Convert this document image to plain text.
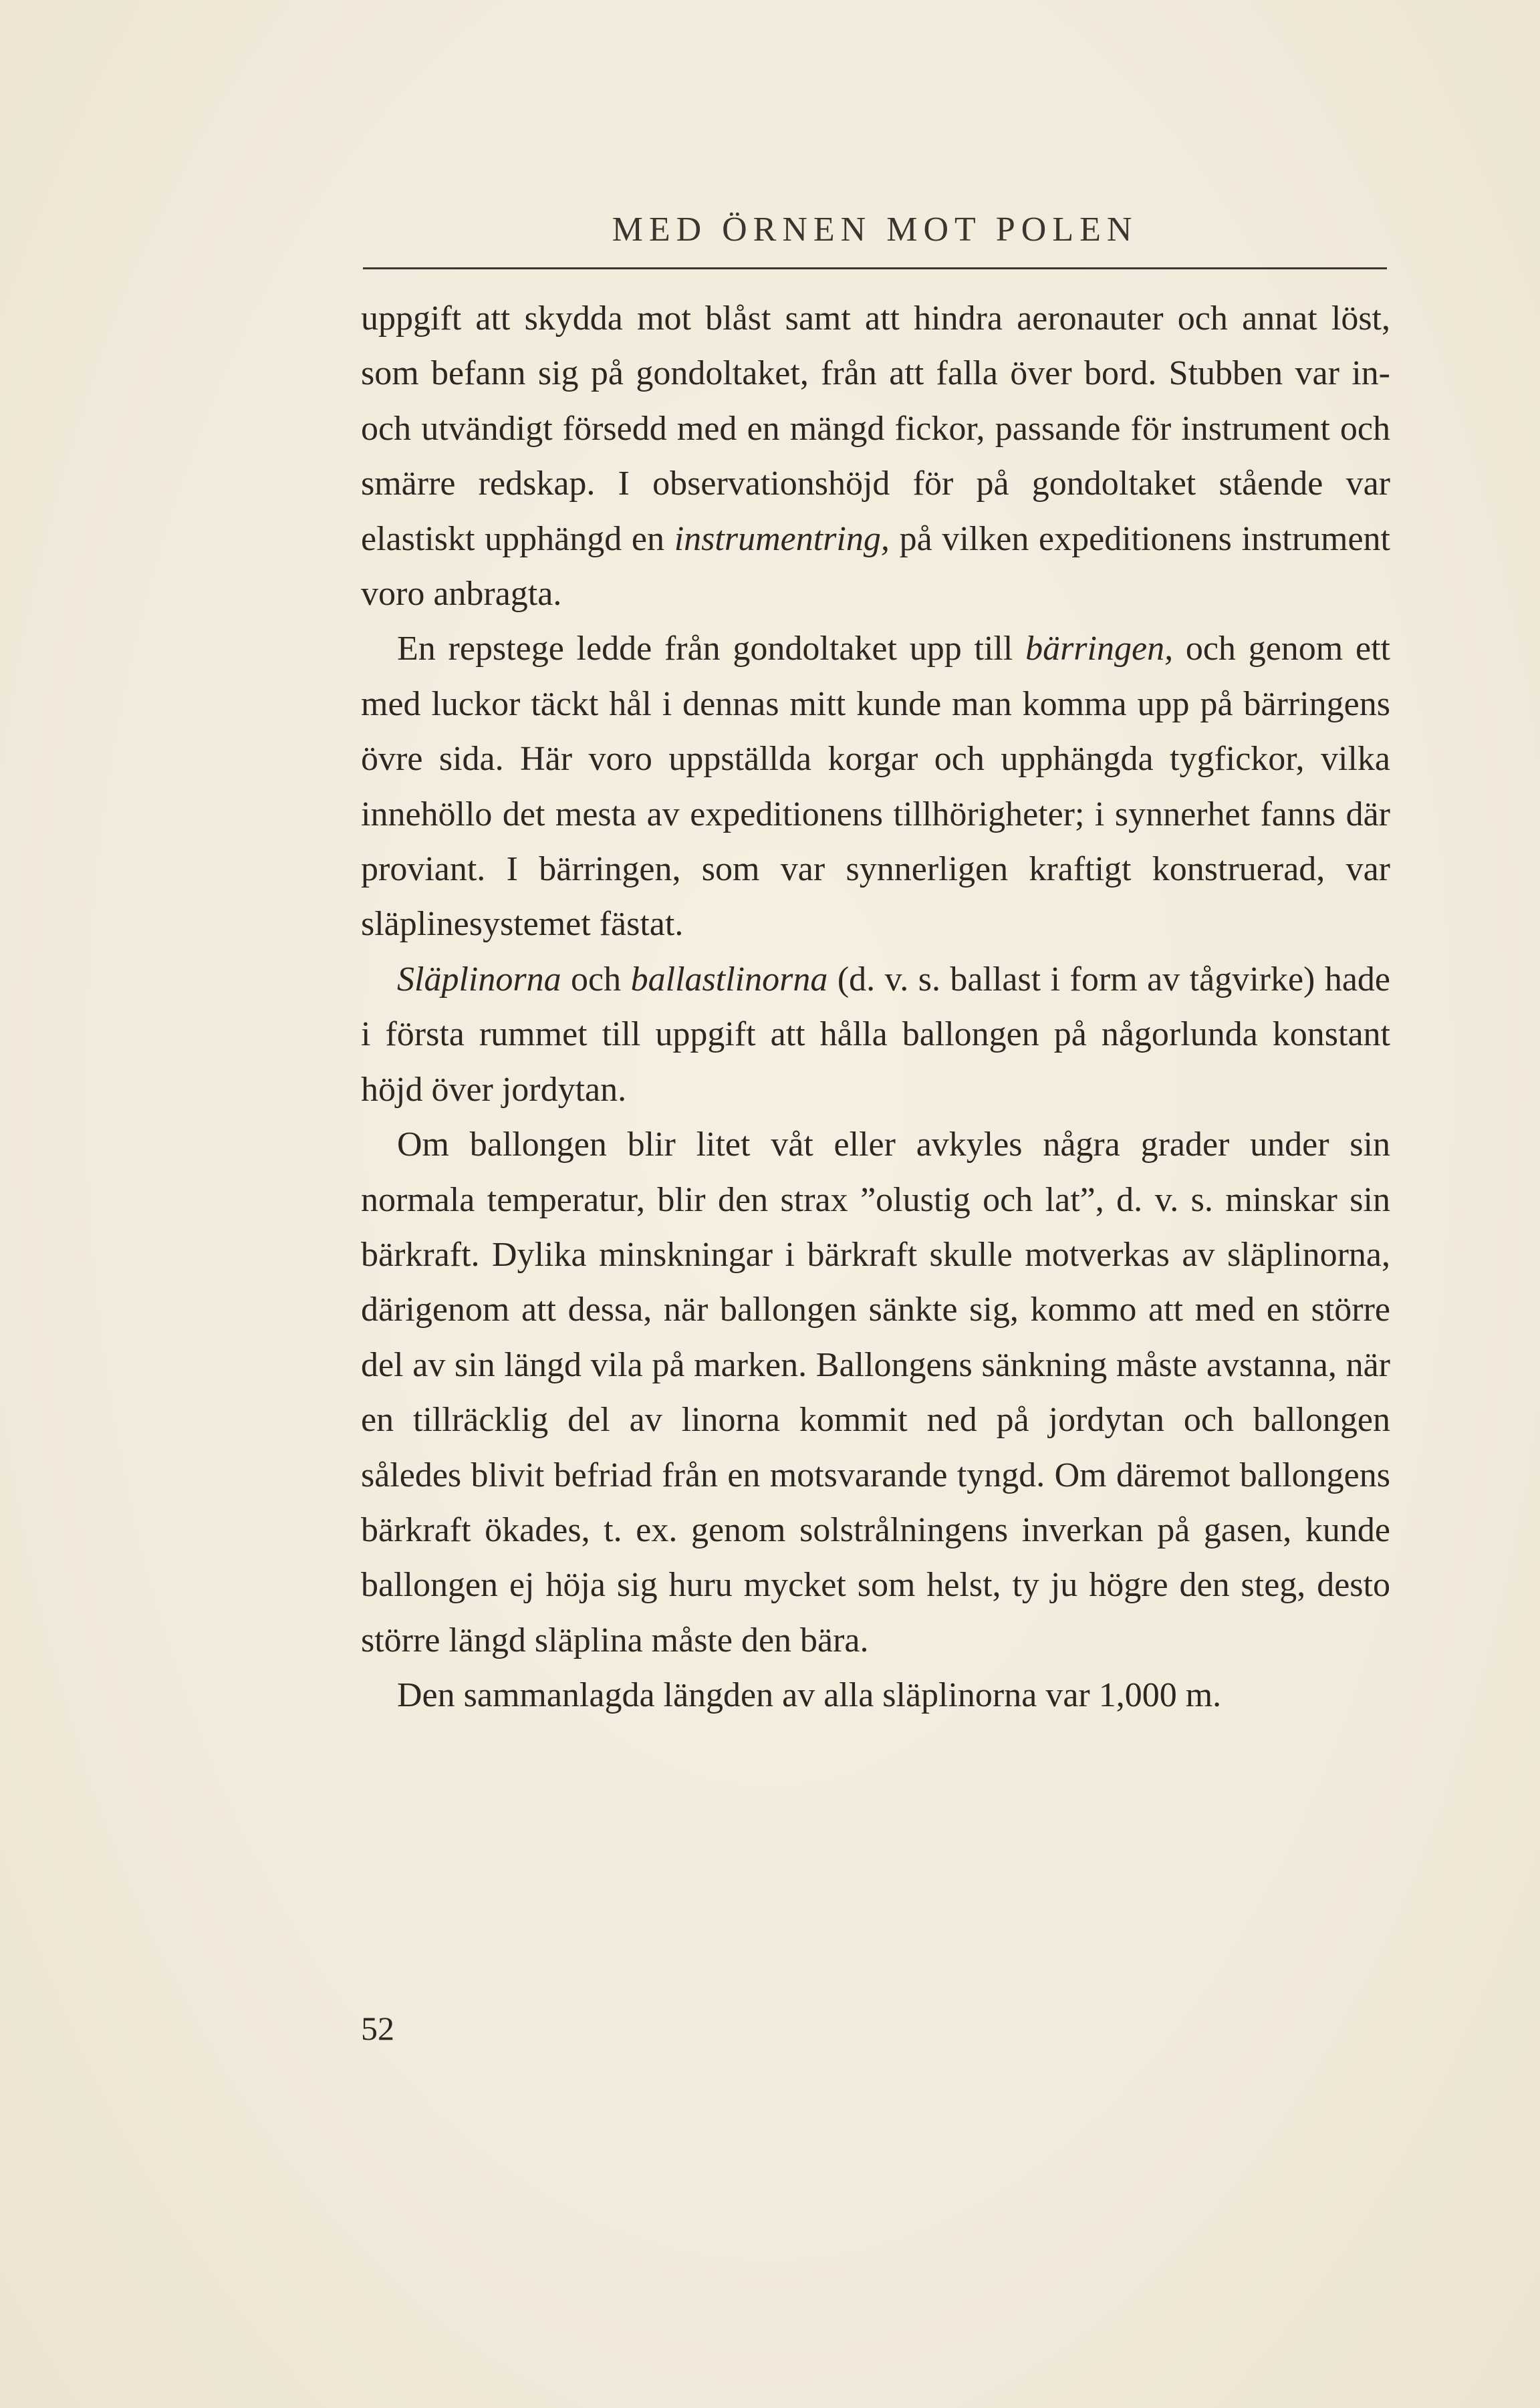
MED ÖRNEN MOT POLEN

uppgift att skydda mot blåst samt att hindra aeronauter och annat löst, som befann sig på gondoltaket, från att falla över bord. Stubben var in- och utvändigt försedd med en mängd fickor, passande för instrument och smärre redskap. I observationshöjd för på gondoltaket stående var elastiskt upphängd en instrumentring, på vilken expeditionens instrument voro anbragta.

En repstege ledde från gondoltaket upp till bärringen, och genom ett med luckor täckt hål i dennas mitt kunde man komma upp på bärringens övre sida. Här voro uppställda korgar och upphängda tygfickor, vilka innehöllo det mesta av expeditionens tillhörigheter; i synnerhet fanns där proviant. I bärringen, som var synnerligen kraftigt konstruerad, var släplinesystemet fästat.

Släplinorna och ballastlinorna (d. v. s. ballast i form av tågvirke) hade i första rummet till uppgift att hålla ballongen på någorlunda konstant höjd över jordytan.

Om ballongen blir litet våt eller avkyles några grader under sin normala temperatur, blir den strax ”olustig och lat”, d. v. s. minskar sin bärkraft. Dylika minskningar i bärkraft skulle motverkas av släplinorna, därigenom att dessa, när ballongen sänkte sig, kommo att med en större del av sin längd vila på marken. Ballongens sänkning måste avstanna, när en tillräcklig del av linorna kommit ned på jordytan och ballongen således blivit befriad från en motsvarande tyngd. Om däremot ballongens bärkraft ökades, t. ex. genom solstrålningens inverkan på gasen, kunde ballongen ej höja sig huru mycket som helst, ty ju högre den steg, desto större längd släplina måste den bära.

Den sammanlagda längden av alla släplinorna var 1,000 m.

52
